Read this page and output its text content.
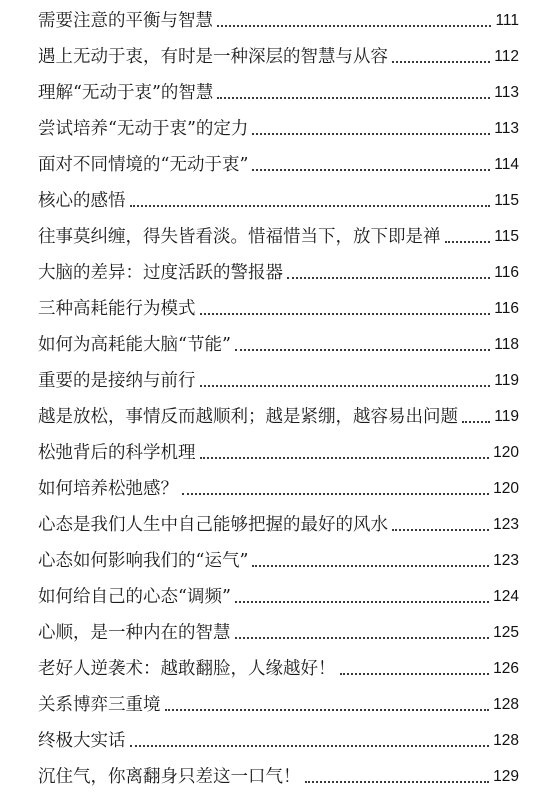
需要注意的平衡与智慧	111
遇上无动于衷，有时是一种深层的智慧与从容	112
理解“无动于衷”的智慧	113
尝试培养“无动于衷”的定力	113
面对不同情境的“无动于衷”	114
核心的感悟	115
往事莫纠缠，得失皆看淡。惜福惜当下，放下即是禅	115
大脑的差异：过度活跃的警报器	116
三种高耗能行为模式	116
如何为高耗能大脑“节能”	118
重要的是接纳与前行	119
越是放松，事情反而越顺利；越是紧绷，越容易出问题 119
松弛背后的科学机理	120
如何培养松弛感？	120
心态是我们人生中自己能够把握的最好的风水	123
心态如何影响我们的“运气”	123
如何给自己的心态“调频”	124
心顺，是一种内在的智慧	125
老好人逆袭术：越敢翻脸，人缘越好！	126
关系博弈三重境	128
终极大实话	128
沉住气，你离翻身只差这一口气！	129
